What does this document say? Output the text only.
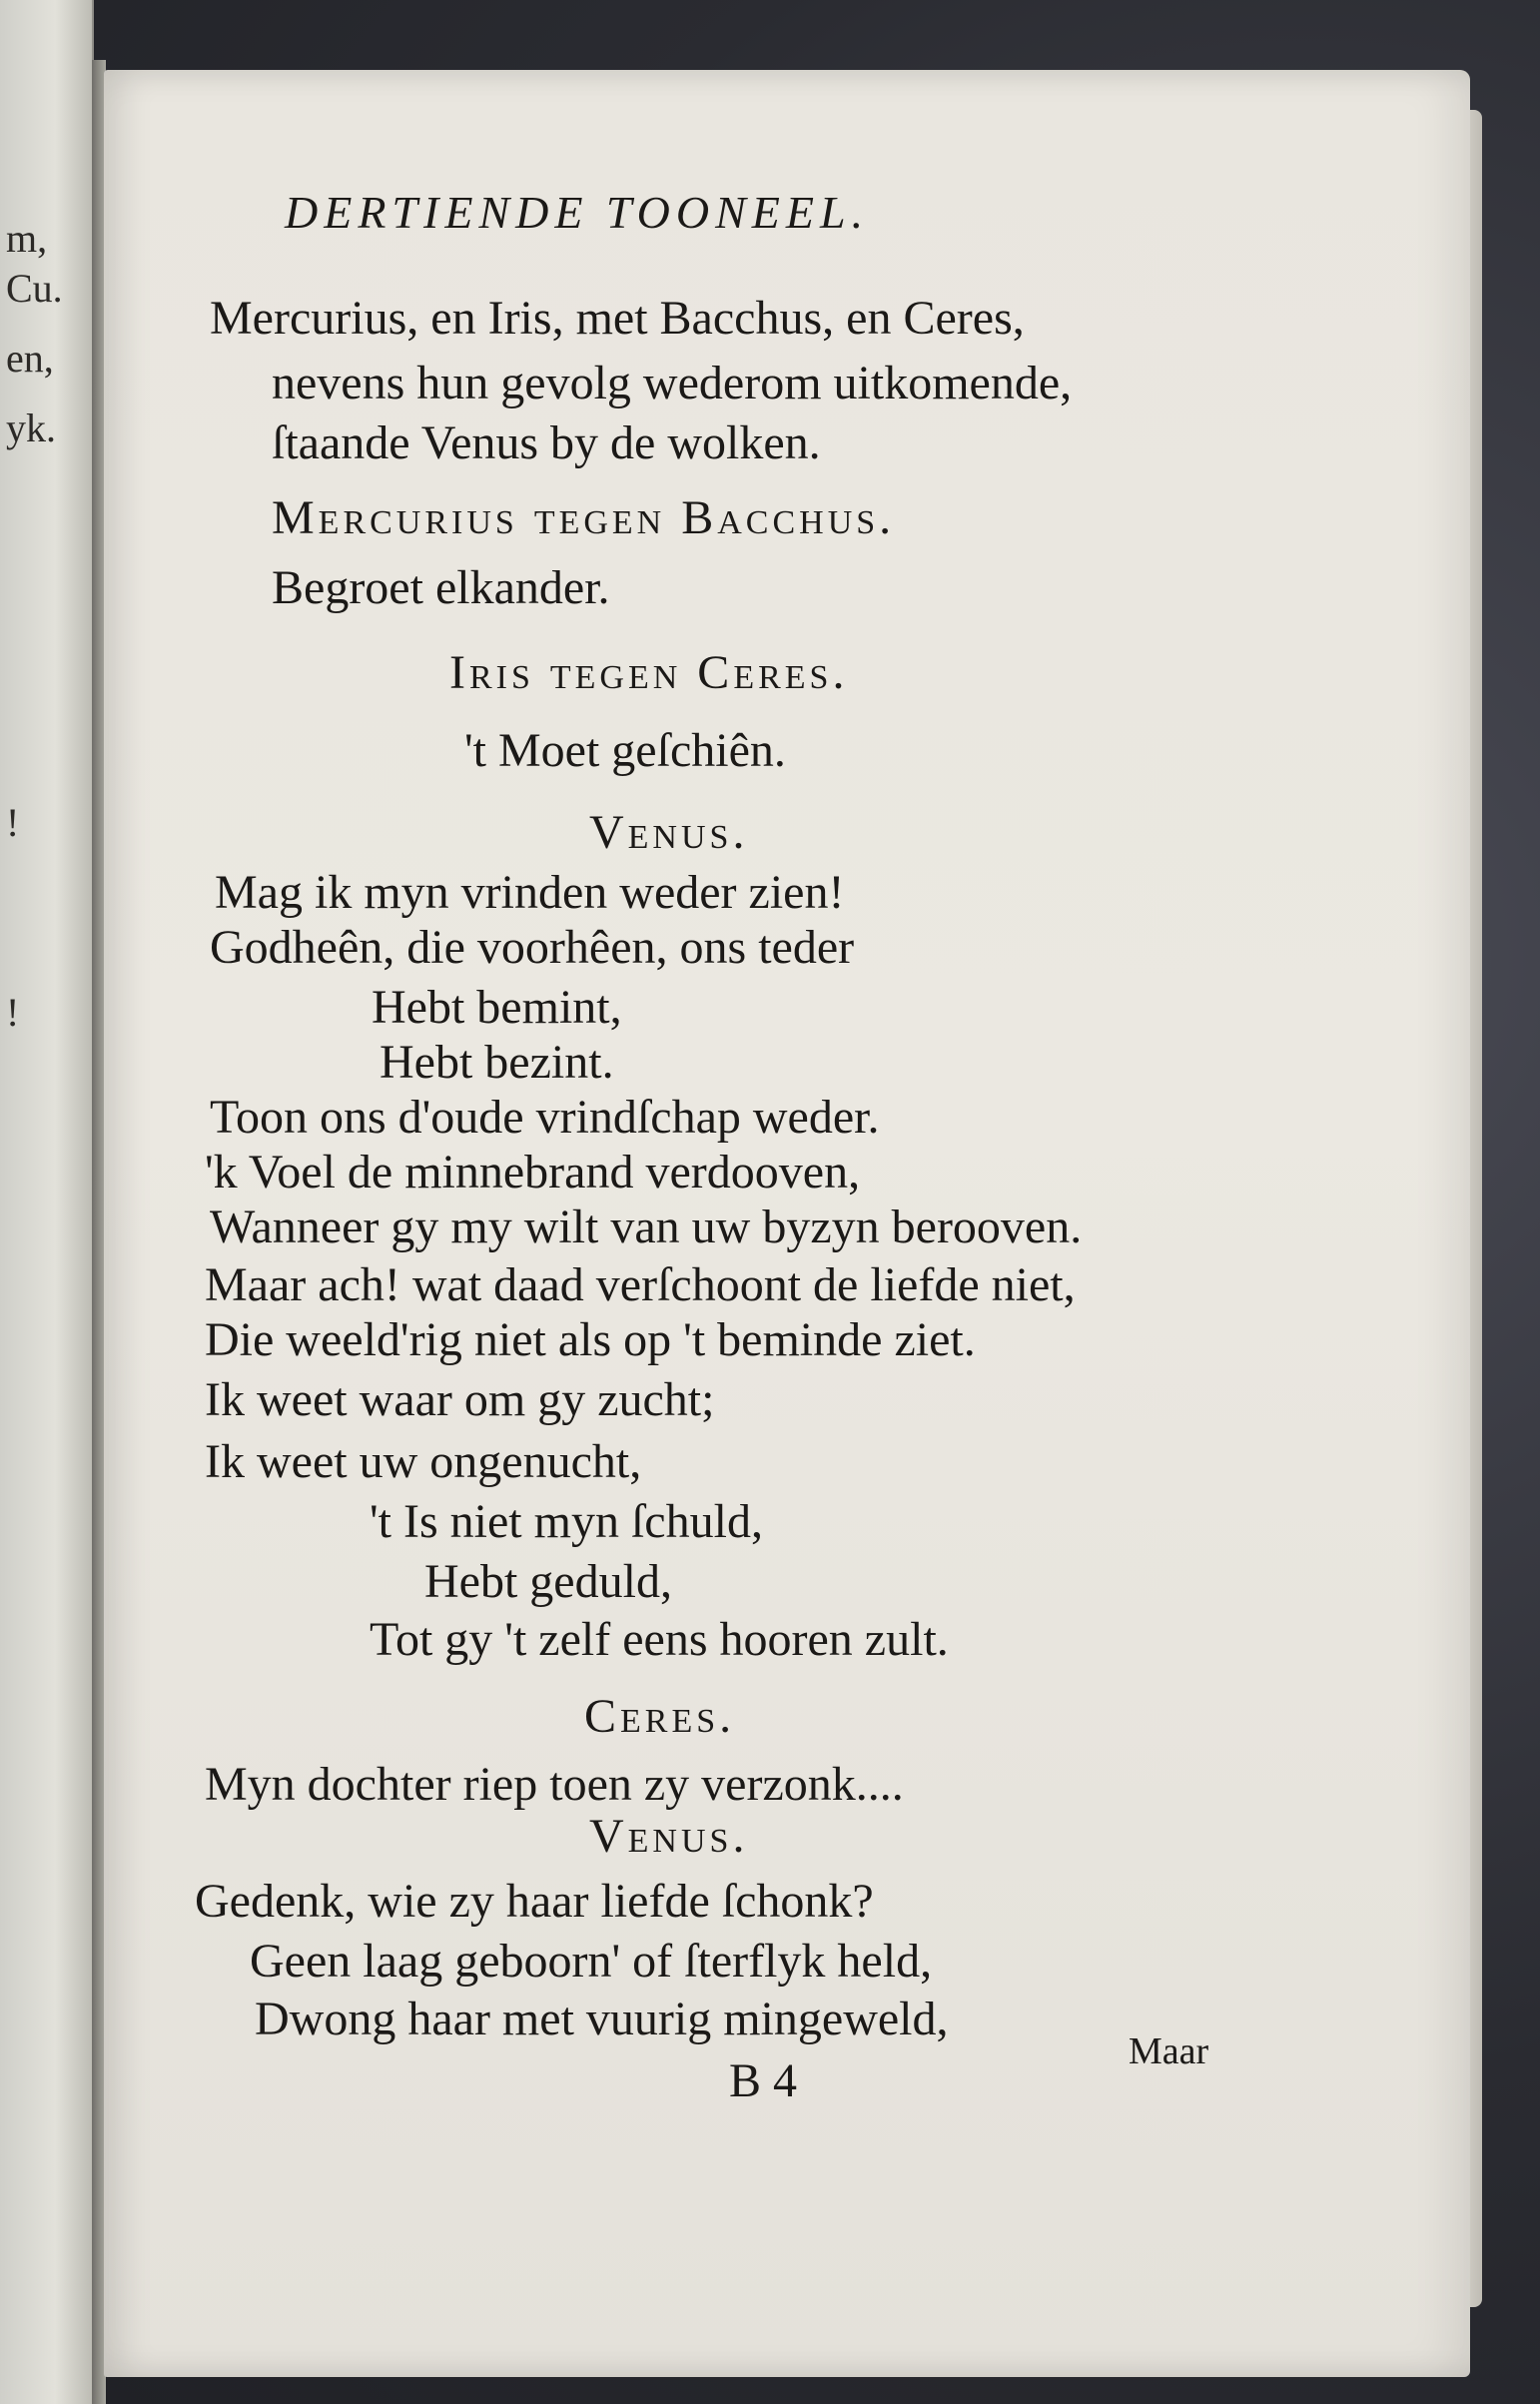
m,
Cu.
en,
yk.
!
!
DERTIENDE TOONEEL.
Mercurius, en Iris, met Bacchus, en Ceres,
nevens hun gevolg wederom uitkomende,
ſtaande Venus by de wolken.
Mercurius tegen Bacchus.
Begroet elkander.
Iris tegen Ceres.
't Moet geſchiên.
Venus.
Mag ik myn vrinden weder zien!
Godheên, die voorhêen, ons teder
Hebt bemint,
Hebt bezint.
Toon ons d'oude vrindſchap weder.
'k Voel de minnebrand verdooven,
Wanneer gy my wilt van uw byzyn berooven.
Maar ach! wat daad verſchoont de liefde niet,
Die weeld'rig niet als op 't beminde ziet.
Ik weet waar om gy zucht;
Ik weet uw ongenucht,
't Is niet myn ſchuld,
Hebt geduld,
Tot gy 't zelf eens hooren zult.
Ceres.
Myn dochter riep toen zy verzonk....
Venus.
Gedenk, wie zy haar liefde ſchonk?
Geen laag geboorn' of ſterflyk held,
Dwong haar met vuurig mingeweld,
B 4
Maar
